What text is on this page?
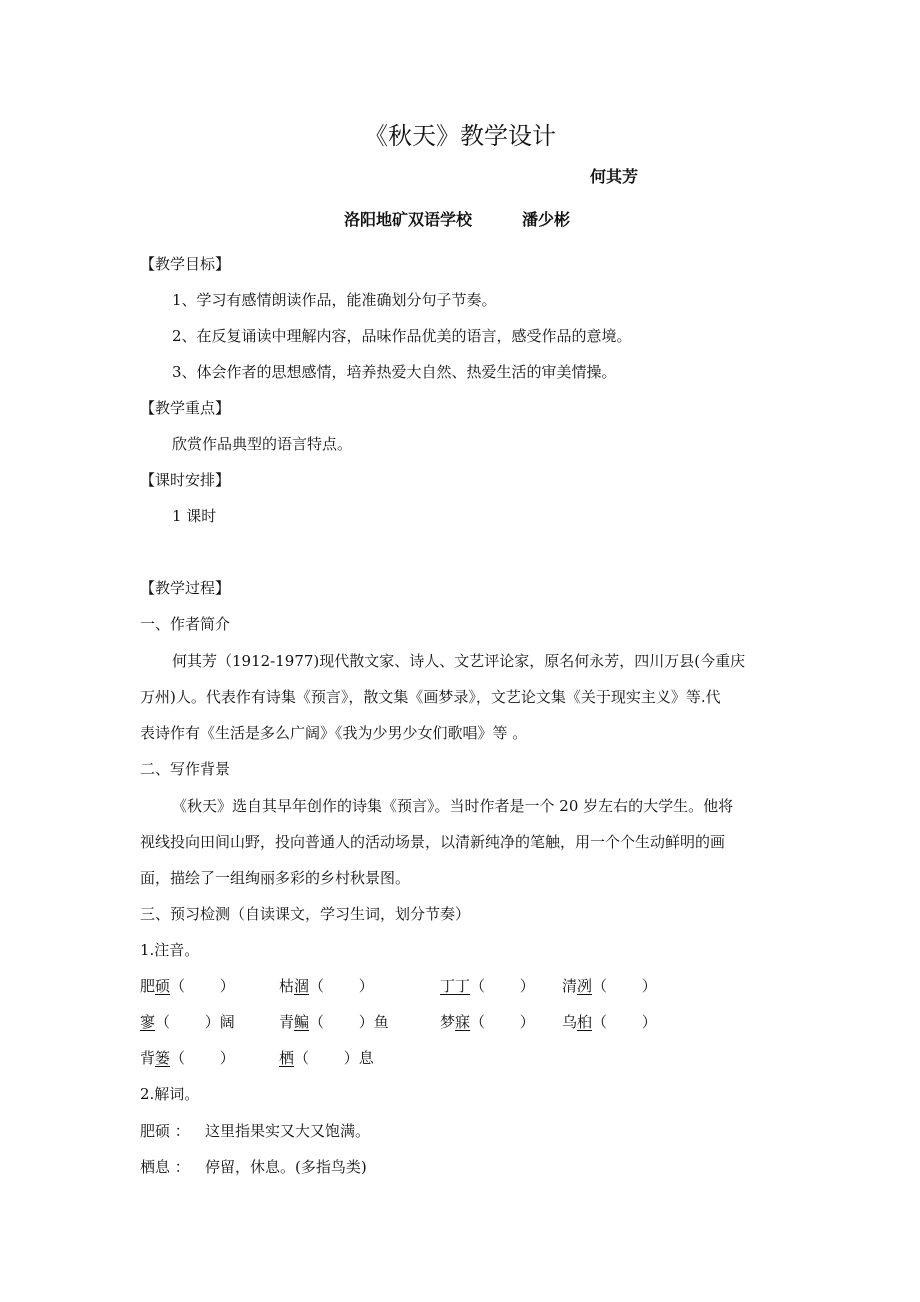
《秋天》教学设计
何其芳
洛阳地矿双语学校	潘少彬
【教学目标】
1、学习有感情朗读作品，能准确划分句子节奏。
2、在反复诵读中理解内容，品味作品优美的语言，感受作品的意境。
3、体会作者的思想感情，培养热爱大自然、热爱生活的审美情操。
【教学重点】
欣赏作品典型的语言特点。
【课时安排】
1 课时
【教学过程】
一、作者简介
何其芳（1912-1977)现代散文家、诗人、文艺评论家，原名何永芳，四川万县(今重庆
万州)人。代表作有诗集《预言》，散文集《画梦录》，文艺论文集《关于现实主义》等.代
表诗作有《生活是多么广阔》《我为少男少女们歌唱》等 。
二、写作背景
《秋天》选自其早年创作的诗集《预言》。当时作者是一个 20 岁左右的大学生。他将
视线投向田间山野，投向普通人的活动场景，以清新纯净的笔触，用一个个生动鲜明的画
面，描绘了一组绚丽多彩的乡村秋景图。
三、预习检测（自读课文，学习生词，划分节奏）
1.注音。
肥硕（　　 ）	枯涸（　　 ）	丁丁（　　 ） 清冽（　　 ）
寥（　　 ）阔	青鳊（　　 ）鱼	梦寐（　　 ） 乌桕（　　 ）
背篓（　　 ）	栖（　　 ）息
2.解词。
肥硕 ： 这里指果实又大又饱满。
栖息 ： 停留，休息。(多指鸟类)
